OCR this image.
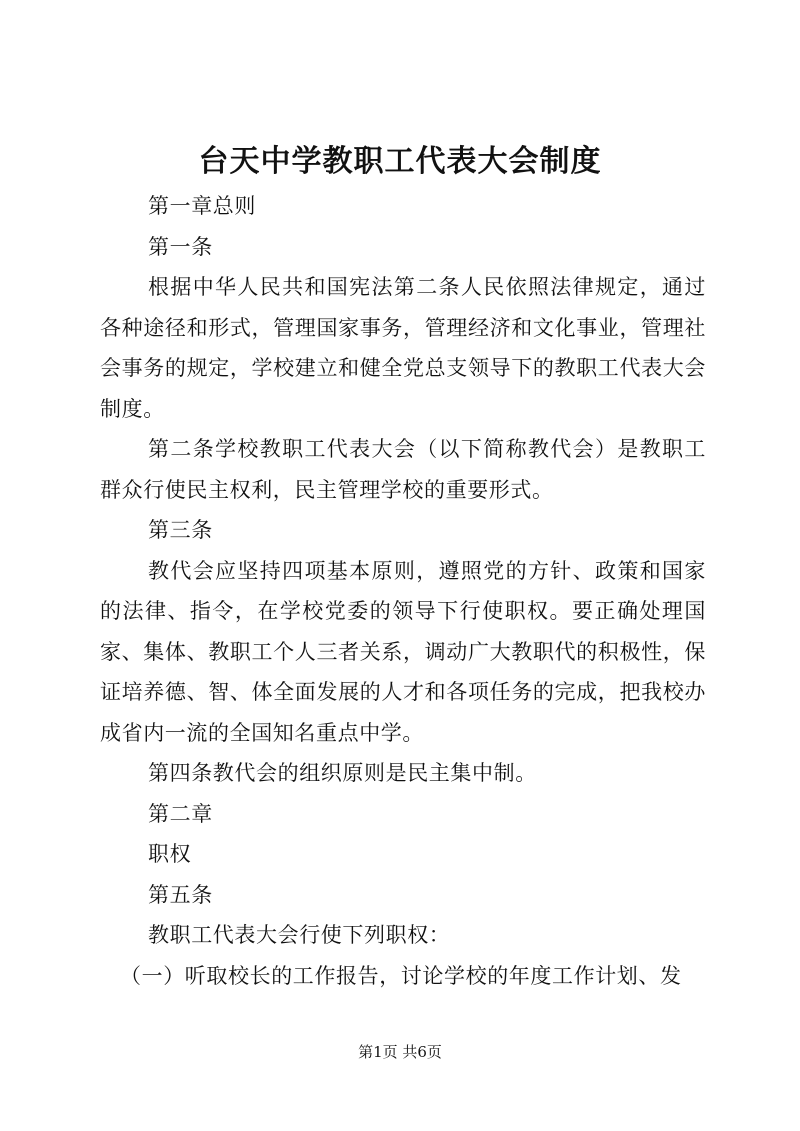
台天中学教职工代表大会制度

第一章总则

第一条

根据中华人民共和国宪法第二条人民依照法律规定，通过各种途径和形式，管理国家事务，管理经济和文化事业，管理社会事务的规定，学校建立和健全党总支领导下的教职工代表大会制度。

第二条学校教职工代表大会（以下简称教代会）是教职工群众行使民主权利，民主管理学校的重要形式。

第三条

教代会应坚持四项基本原则，遵照党的方针、政策和国家的法律、指令，在学校党委的领导下行使职权。要正确处理国家、集体、教职工个人三者关系，调动广大教职代的积极性，保证培养德、智、体全面发展的人才和各项任务的完成，把我校办成省内一流的全国知名重点中学。

第四条教代会的组织原则是民主集中制。

第二章

职权

第五条

教职工代表大会行使下列职权：

（一）听取校长的工作报告，讨论学校的年度工作计划、发

第1页 共6页
